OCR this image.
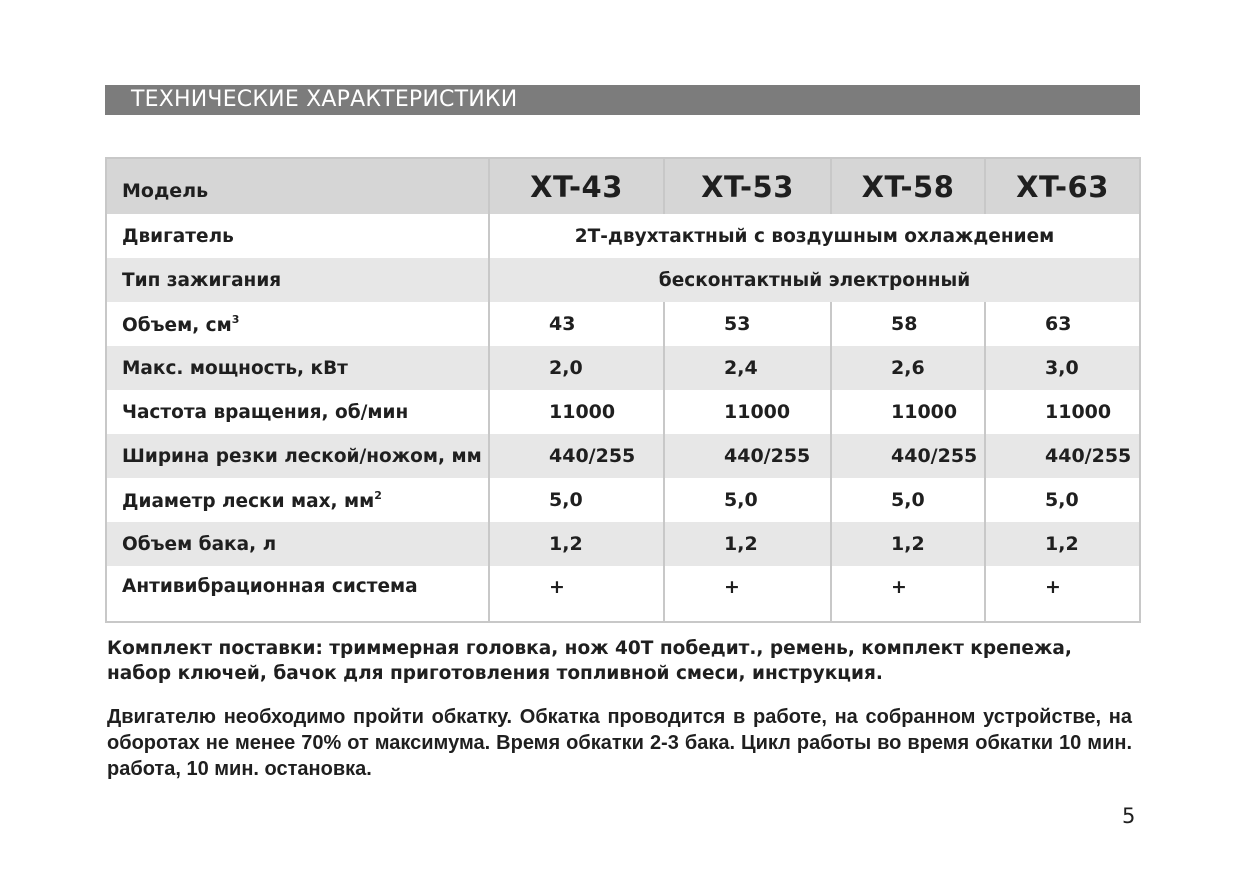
ТЕХНИЧЕСКИЕ ХАРАКТЕРИСТИКИ
Модель	XT-43	XT-53	XT-58	XT-63
Двигатель	2Т-двухтактный с воздушным охлаждением			
Тип зажигания	бесконтактный электронный			
Объем, $см^3$	43	53	58	63
Макс. мощность, кВт	2,0	2,4	2,6	3,0
Частота вращения, об/мин	11000	11000	11000	11000
Ширина резки леской/ножом, мм	440/255	440/255	440/255	440/255
Диаметр лески мах, $мм^2$	5,0	5,0	5,0	5,0
Объем бака, л	1,2	1,2	1,2	1,2
Антивибрационная система	+	+	+	+
Комплект поставки: триммерная головка, нож 40Т победит., ремень, комплект крепежа, набор ключей, бачок для приготовления топливной смеси, инструкция.
Двигателю необходимо пройти обкатку. Обкатка проводится в работе, на собранном устройстве, на оборотах не менее 70% от максимума. Время обкатки 2-3 бака. Цикл работы во время обкатки 10 мин. работа, 10 мин. остановка.
5
